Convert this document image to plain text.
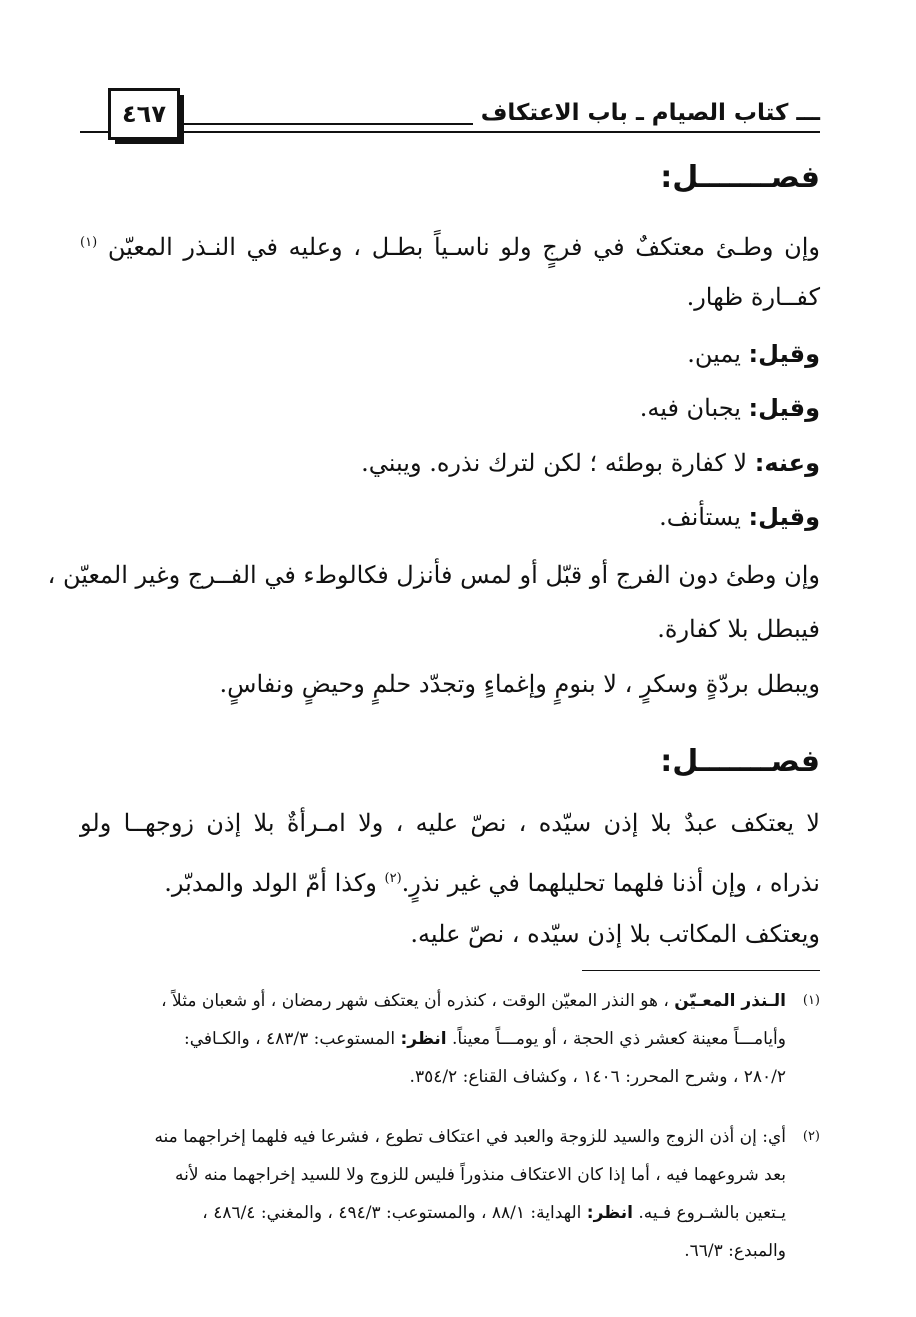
٤٦٧	ـــ كتاب الصيام ـ باب الاعتكاف
فصـــــــل:
وإن وطـئ معتكفٌ في فرجٍ ولو ناسـياً بطـل ، وعليه في النـذر المعيّن $^{(١)}$
كفــارة ظهار.
وقيل: يمين.
وقيل: يجبان فيه.
وعنه: لا كفارة بوطئه ؛ لكن لترك نذره. ويبني.
وقيل: يستأنف.
وإن وطئ دون الفرج أو قبّل أو لمس فأنزل فكالوطء في الفــرج وغير المعيّن ،
فيبطل بلا كفارة.
ويبطل بردّةٍ وسكرٍ ، لا بنومٍ وإغماءٍ وتجدّد حلمٍ وحيضٍ ونفاسٍ.
فصـــــــل:
لا يعتكف عبدٌ بلا إذن سيّده ، نصّ عليه ، ولا امـرأةٌ بلا إذن زوجهــا ولو
نذراه ، وإن أذنا فلهما تحليلهما في غير نذرٍ.$^{(٢)}$ وكذا أمّ الولد والمدبّر.
ويعتكف المكاتب بلا إذن سيّده ، نصّ عليه.
(١)
الـنذر المعـيّن ، هو النذر المعيّن الوقت ، كنذره أن يعتكف شهر رمضان ، أو شعبان مثلاً ،
وأيامـــاً معينة كعشر ذي الحجة ، أو يومـــاً معيناً. انظر: المستوعب: ٤٨٣/٣ ، والكـافي:
٢٨٠/٢ ، وشرح المحرر: ١٤٠٦ ، وكشاف القناع: ٣٥٤/٢.
(٢)
أي: إن أذن الزوج والسيد للزوجة والعبد في اعتكاف تطوع ، فشرعا فيه فلهما إخراجهما منه
بعد شروعهما فيه ، أما إذا كان الاعتكاف منذوراً فليس للزوج ولا للسيد إخراجهما منه لأنه
يـتعين بالشـروع فـيه. انظر: الهداية: ٨٨/١ ، والمستوعب: ٤٩٤/٣ ، والمغني: ٤٨٦/٤ ،
والمبدع: ٦٦/٣.
